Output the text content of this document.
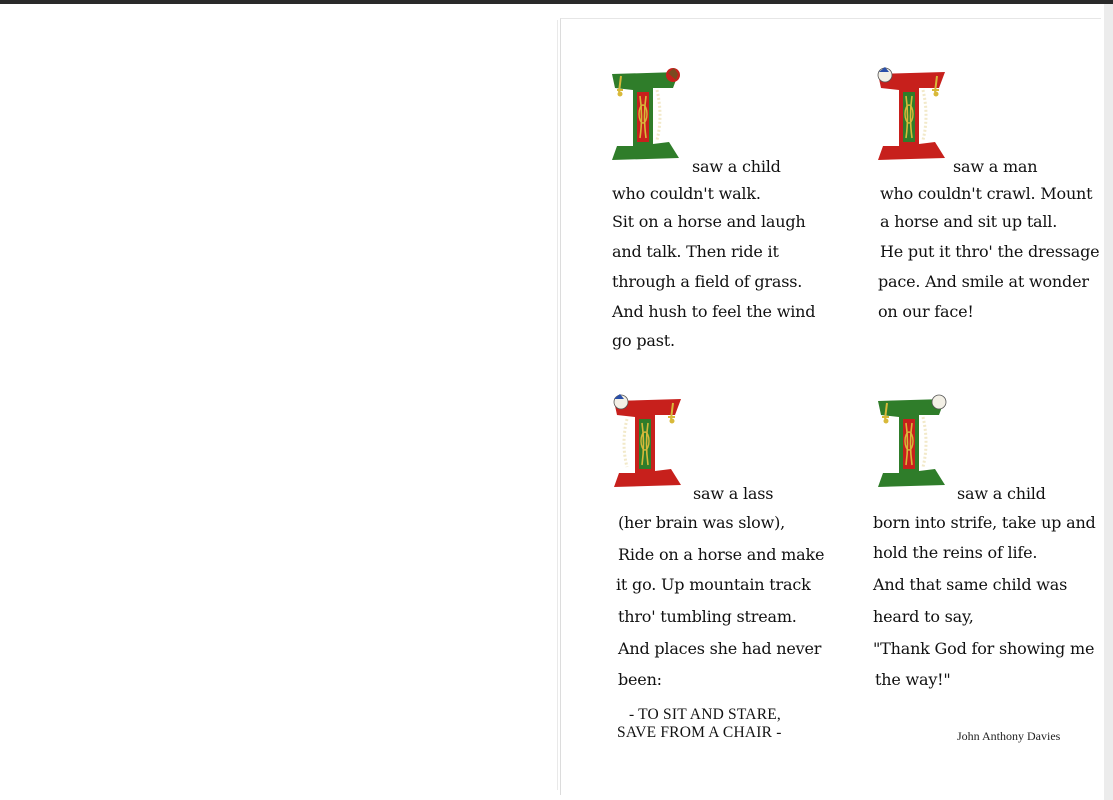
saw a child
who couldn't walk.
Sit on a horse and laugh
and talk. Then ride it
through a field of grass.
And hush to feel the wind
go past.
saw a man
who couldn't crawl. Mount
a horse and sit up tall.
He put it thro' the dressage
pace. And smile at wonder
on our face!
saw a lass
(her brain was slow),
Ride on a horse and make
it go. Up mountain track
thro' tumbling stream.
And places she had never
been:
saw a child
born into strife, take up and
hold the reins of life.
And that same child was
heard to say,
"Thank God for showing me
the way!"
- TO SIT AND STARE,
SAVE FROM A CHAIR -	John Anthony Davies
